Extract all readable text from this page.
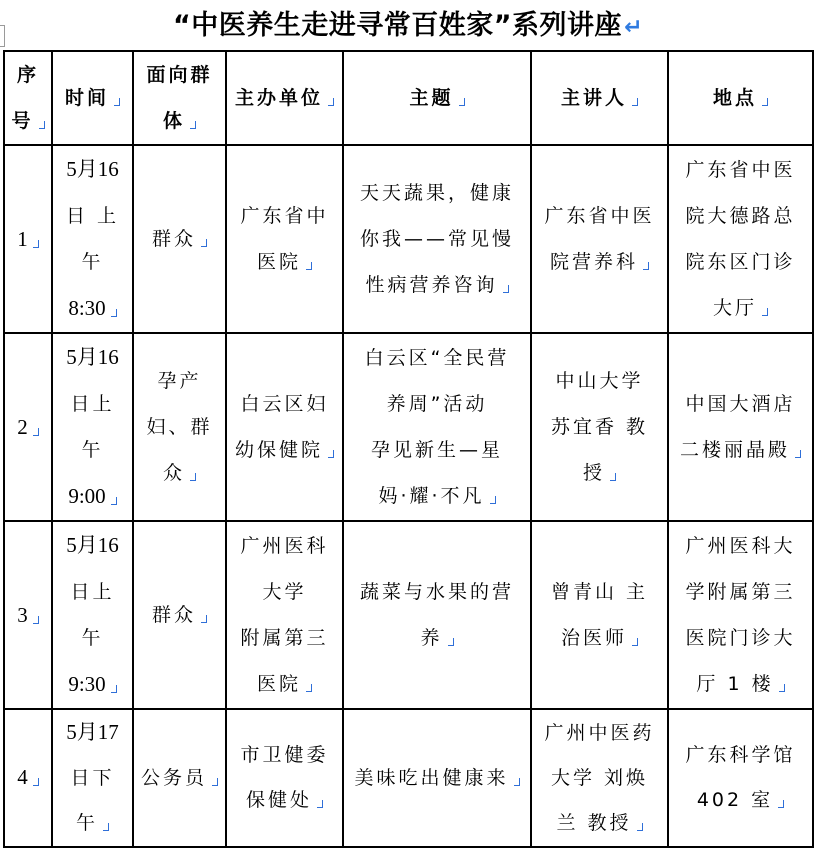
“中医养生走进寻常百姓家”系列讲座↵
序
号	时间	面向群
体	主办单位	主题	主讲人	地点
1	5月16
日 上
午
8:30	群众	广东省中
医院	天天蔬果，健康
你我——常见慢
性病营养咨询	广东省中医
院营养科	广东省中医
院大德路总
院东区门诊
大厅

2	5月16
日上
午
9:00	孕产
妇、群
众	白云区妇
幼保健院	白云区“全民营
养周”活动
孕见新生—星
妈·耀·不凡	中山大学
苏宜香 教
授	中国大酒店
二楼丽晶殿

3	5月16
日上
午
9:30	群众	广州医科
大学
附属第三
医院	蔬菜与水果的营
养	曾青山 主
治医师	广州医科大
学附属第三
医院门诊大
厅 1 楼

4	5月17
日下
午	公务员	市卫健委
保健处	美味吃出健康来	广州中医药
大学 刘焕
兰 教授	广东科学馆
402 室
